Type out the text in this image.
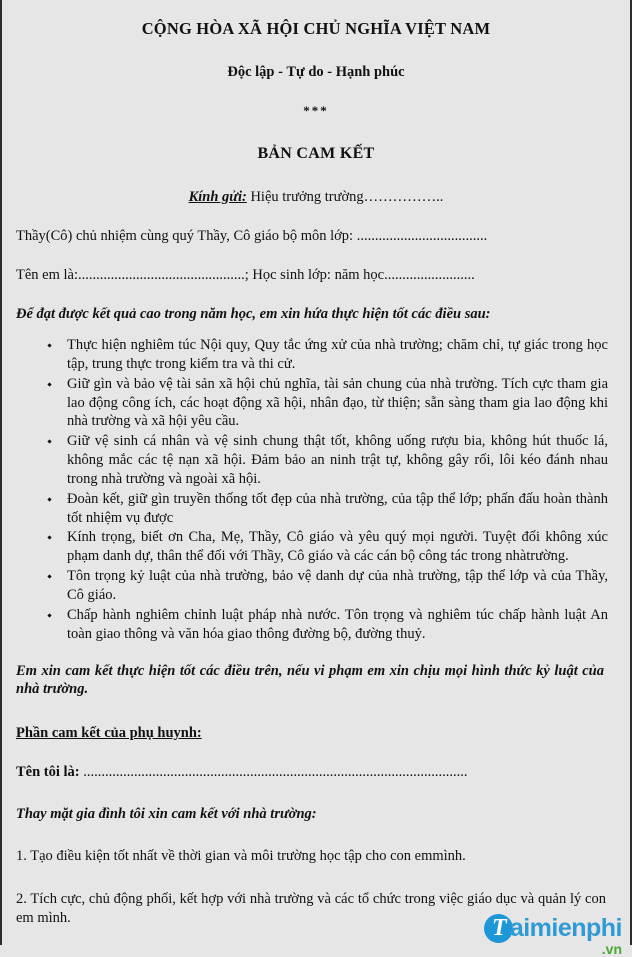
CỘNG HÒA XÃ HỘI CHỦ NGHĨA VIỆT NAM
Độc lập - Tự do - Hạnh phúc
***
BẢN CAM KẾT
Kính gửi: Hiệu trưởng trường……………..
Thầy(Cô) chủ nhiệm cùng quý Thầy, Cô giáo bộ môn lớp: ....................................
Tên em là:..............................................; Học sinh lớp: năm học.........................
Để đạt được kết quả cao trong năm học, em xin hứa thực hiện tốt các điều sau:
Thực hiện nghiêm túc Nội quy, Quy tắc ứng xử của nhà trường; chăm chỉ, tự giác trong học tập, trung thực trong kiểm tra và thi cử.
Giữ gìn và bảo vệ tài sản xã hội chủ nghĩa, tài sản chung của nhà trường. Tích cực tham gia lao động công ích, các hoạt động xã hội, nhân đạo, từ thiện; sẵn sàng tham gia lao động khi nhà trường và xã hội yêu cầu.
Giữ vệ sinh cá nhân và vệ sinh chung thật tốt, không uống rượu bia, không hút thuốc lá, không mắc các tệ nạn xã hội. Đảm bảo an ninh trật tự, không gây rối, lôi kéo đánh nhau trong nhà trường và ngoài xã hội.
Đoàn kết, giữ gìn truyền thống tốt đẹp của nhà trường, của tập thể lớp; phấn đấu hoàn thành tốt nhiệm vụ được
Kính trọng, biết ơn Cha, Mẹ, Thầy, Cô giáo và yêu quý mọi người. Tuyệt đối không xúc phạm danh dự, thân thể đối với Thầy, Cô giáo và các cán bộ công tác trong nhàtrường.
Tôn trọng kỷ luật của nhà trường, bảo vệ danh dự của nhà trường, tập thể lớp và của Thầy, Cô giáo.
Chấp hành nghiêm chỉnh luật pháp nhà nước. Tôn trọng và nghiêm túc chấp hành luật An toàn giao thông và văn hóa giao thông đường bộ, đường thuỷ.
Em xin cam kết thực hiện tốt các điều trên, nếu vi phạm em xin chịu mọi hình thức kỷ luật của nhà trường.
Phần cam kết của phụ huynh:
Tên tôi là: ..........................................................................................................
Thay mặt gia đình tôi xin cam kết với nhà trường:
1. Tạo điều kiện tốt nhất về thời gian và môi trường học tập cho con emmình.
2. Tích cực, chủ động phối, kết hợp với nhà trường và các tổ chức trong việc giáo dục và quản lý con em mình.	T aimienphi
.vn
